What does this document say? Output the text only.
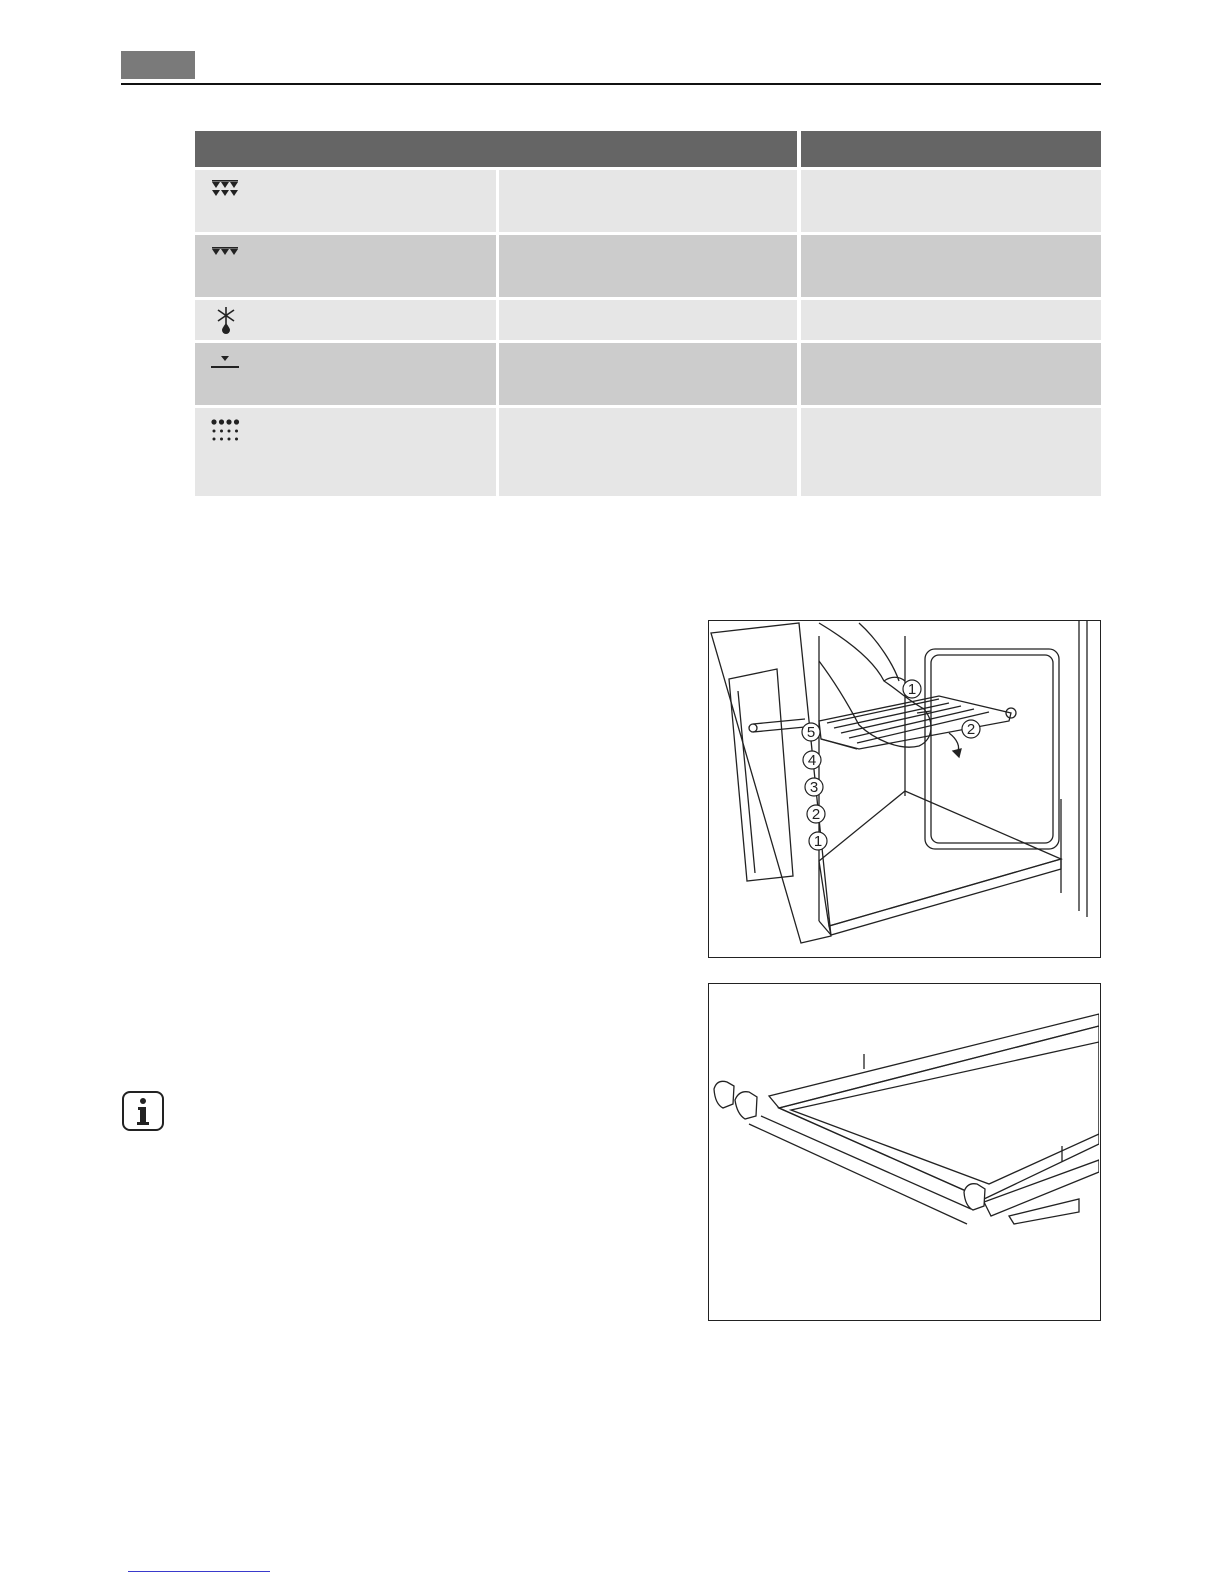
5
4
3
2
1
1
2
